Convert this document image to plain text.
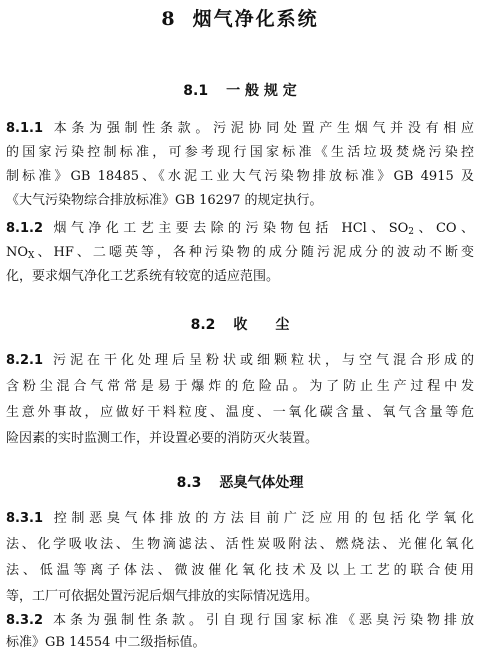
8 烟气净化系统
8.1 一 般 规 定
8.1.1 本条为强制性条款。污泥协同处置产生烟气并没有相应
的国家污染控制标准，可参考现行国家标准《生活垃圾焚烧污染控
制标准》GB 18485、《水泥工业大气污染物排放标准》GB 4915 及
《大气污染物综合排放标准》GB 16297 的规定执行。
8.1.2 烟气净化工艺主要去除的污染物包括 HCl、$SO_2$、CO、
$NO_X$、HF、二噁英等，各种污染物的成分随污泥成分的波动不断变
化，要求烟气净化工艺系统有较宽的适应范围。
8.2 收　　尘
8.2.1 污泥在干化处理后呈粉状或细颗粒状，与空气混合形成的
含粉尘混合气常常是易于爆炸的危险品。为了防止生产过程中发
生意外事故，应做好干料粒度、温度、一氧化碳含量、氧气含量等危
险因素的实时监测工作，并设置必要的消防灭火装置。
8.3 恶臭气体处理
8.3.1 控制恶臭气体排放的方法目前广泛应用的包括化学氧化
法、化学吸收法、生物滴滤法、活性炭吸附法、燃烧法、光催化氧化
法、低温等离子体法、微波催化氧化技术及以上工艺的联合使用
等，工厂可依据处置污泥后烟气排放的实际情况选用。
8.3.2 本条为强制性条款。引自现行国家标准《恶臭污染物排放
标准》GB 14554 中二级指标值。
